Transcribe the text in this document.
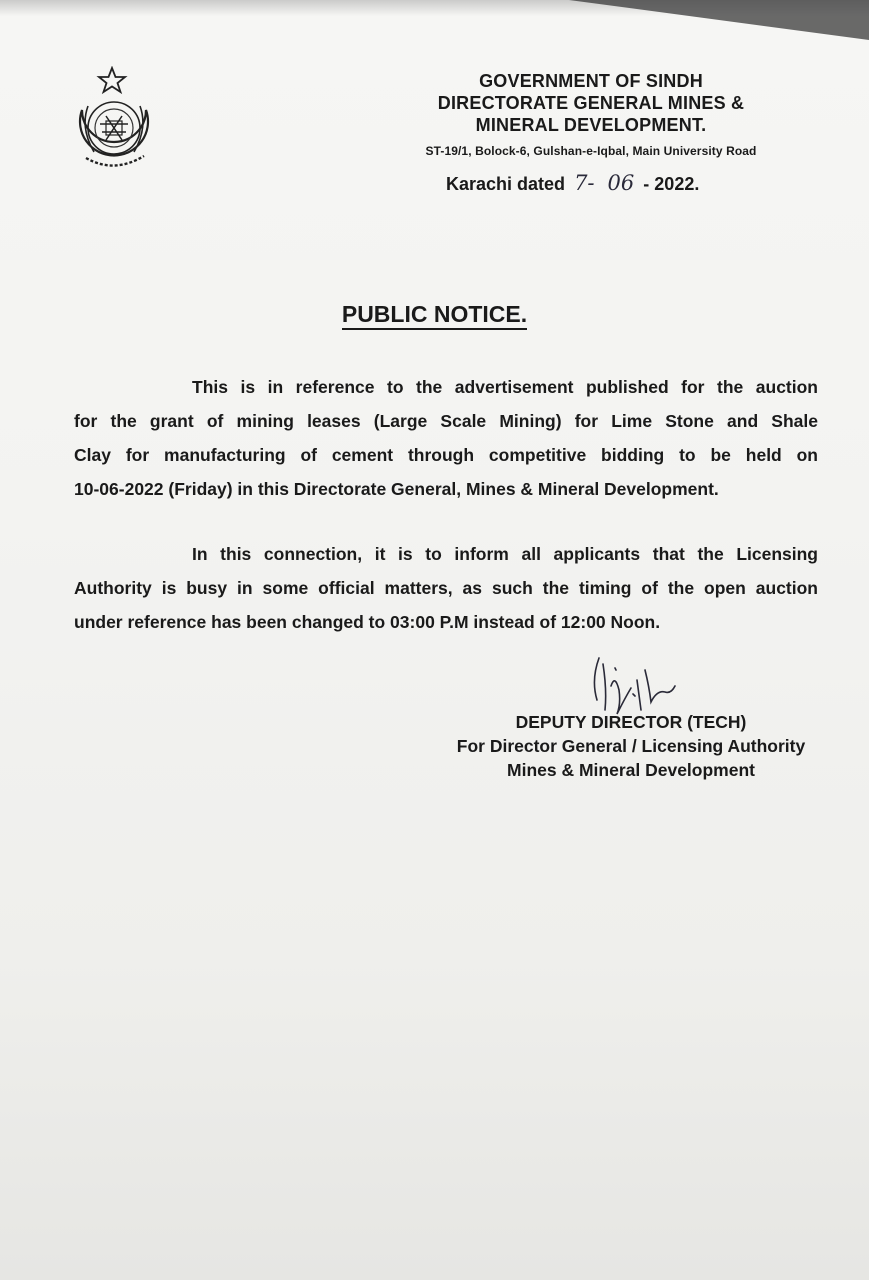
GOVERNMENT OF SINDH
DIRECTORATE GENERAL MINES &
MINERAL DEVELOPMENT.
ST-19/1, Bolock-6, Gulshan-e-Iqbal, Main University Road
Karachi dated 7- 06 - 2022.
PUBLIC NOTICE.
This is in reference to the advertisement published for the auction
for the grant of mining leases (Large Scale Mining) for Lime Stone and Shale
Clay for manufacturing of cement through competitive bidding to be held on
10-06-2022 (Friday) in this Directorate General, Mines & Mineral Development.
In this connection, it is to inform all applicants that the Licensing
Authority is busy in some official matters, as such the timing of the open auction
under reference has been changed to 03:00 P.M instead of 12:00 Noon.
DEPUTY DIRECTOR (TECH)
For Director General / Licensing Authority
Mines & Mineral Development
